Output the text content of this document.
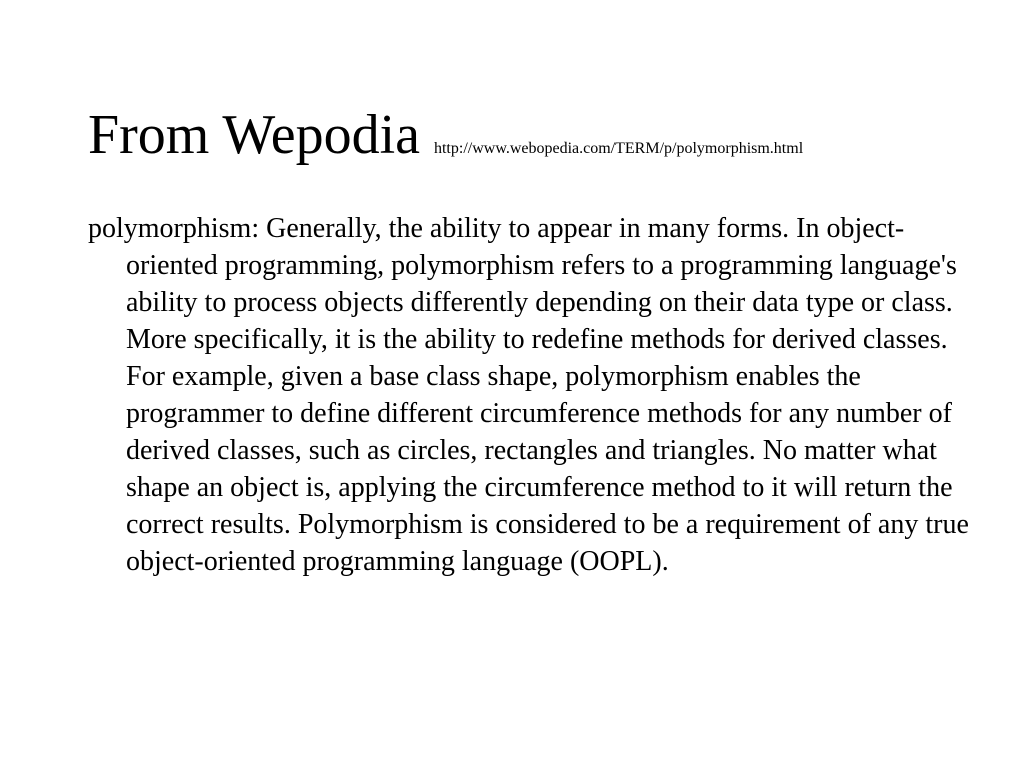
From Wepodia http://www.webopedia.com/TERM/p/polymorphism.html

polymorphism: Generally, the ability to appear in many forms. In object-oriented programming, polymorphism refers to a programming language's ability to process objects differently depending on their data type or class. More specifically, it is the ability to redefine methods for derived classes. For example, given a base class shape, polymorphism enables the programmer to define different circumference methods for any number of derived classes, such as circles, rectangles and triangles. No matter what shape an object is, applying the circumference method to it will return the correct results. Polymorphism is considered to be a requirement of any true object-oriented programming language (OOPL).
